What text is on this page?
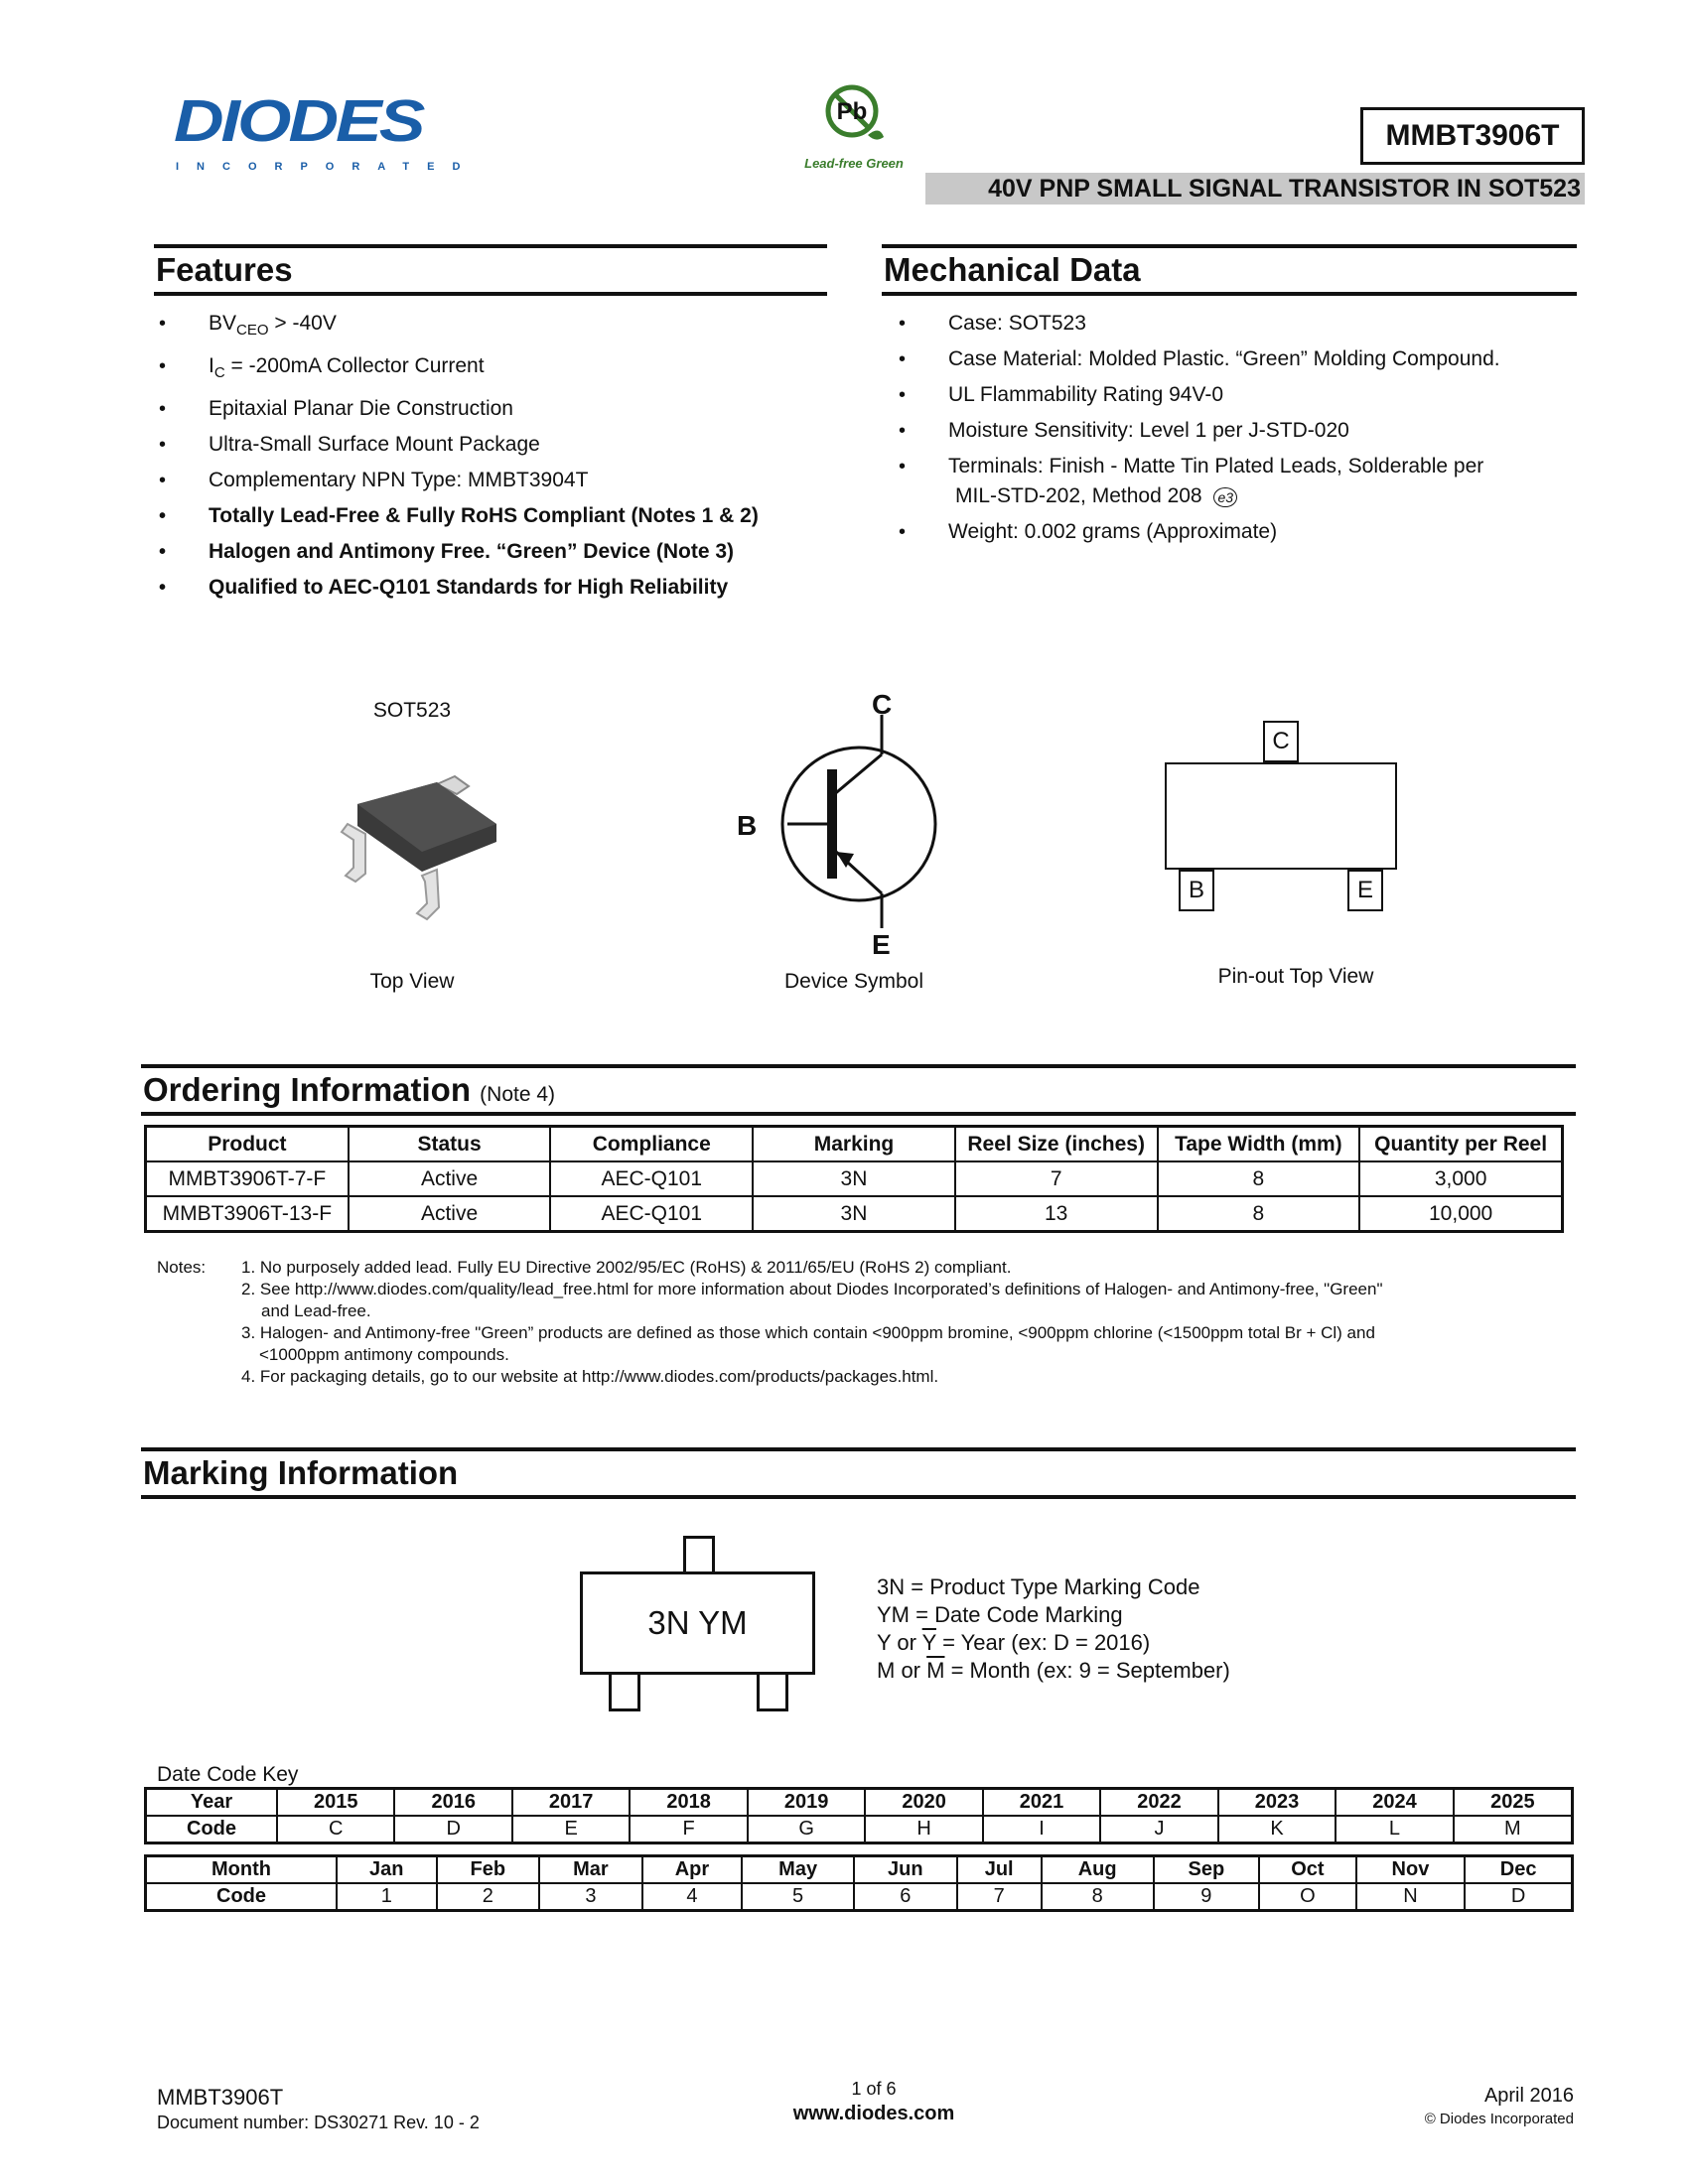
DIODES
INCORPORATED
Pb
Lead-free Green
MMBT3906T
40V PNP SMALL SIGNAL TRANSISTOR IN SOT523
Features
• $BV_{CEO} > -40V$
• $I_C = -200mA$ Collector Current
• Epitaxial Planar Die Construction
• Ultra-Small Surface Mount Package
• Complementary NPN Type: MMBT3904T
• Totally Lead-Free & Fully RoHS Compliant (Notes 1 & 2)
• Halogen and Antimony Free. “Green” Device (Note 3)
• Qualified to AEC-Q101 Standards for High Reliability
Mechanical Data
• Case: SOT523
• Case Material: Molded Plastic. “Green” Molding Compound.
• UL Flammability Rating 94V-0
• Moisture Sensitivity: Level 1 per J-STD-020
• Terminals: Finish - Matte Tin Plated Leads, Solderable per
MIL-STD-202, Method 208 e3
• Weight: 0.002 grams (Approximate)
SOT523
Top View
C
B
E
Device Symbol
C
B	E
Pin-out Top View
Ordering Information (Note 4)
Product	Status	Compliance	Marking	Reel Size (inches)	Tape Width (mm)	Quantity per Reel
MMBT3906T-7-F	Active	AEC-Q101	3N	7	8	3,000
MMBT3906T-13-F	Active	AEC-Q101	3N	13	8	10,000
Notes: 1. No purposely added lead. Fully EU Directive 2002/95/EC (RoHS) & 2011/65/EU (RoHS 2) compliant.
2. See http://www.diodes.com/quality/lead_free.html for more information about Diodes Incorporated’s definitions of Halogen- and Antimony-free, "Green"
and Lead-free.
3. Halogen- and Antimony-free "Green” products are defined as those which contain <900ppm bromine, <900ppm chlorine (<1500ppm total Br + Cl) and
<1000ppm antimony compounds.
4. For packaging details, go to our website at http://www.diodes.com/products/packages.html.
Marking Information
3N YM
3N = Product Type Marking Code
YM = Date Code Marking
Y or $\overline{Y}$ = Year (ex: D = 2016)
M or $\overline{M}$ = Month (ex: 9 = September)
Date Code Key
Year	2015	2016	2017	2018	2019	2020	2021	2022	2023	2024	2025
Code	C	D	E	F	G	H	I	J	K	L	M
Month	Jan	Feb	Mar	Apr	May	Jun	Jul	Aug	Sep	Oct	Nov	Dec
Code	1	2	3	4	5	6	7	8	9	O	N	D
MMBT3906T
Document number: DS30271 Rev. 10 - 2
1 of 6
www.diodes.com
April 2016
© Diodes Incorporated
